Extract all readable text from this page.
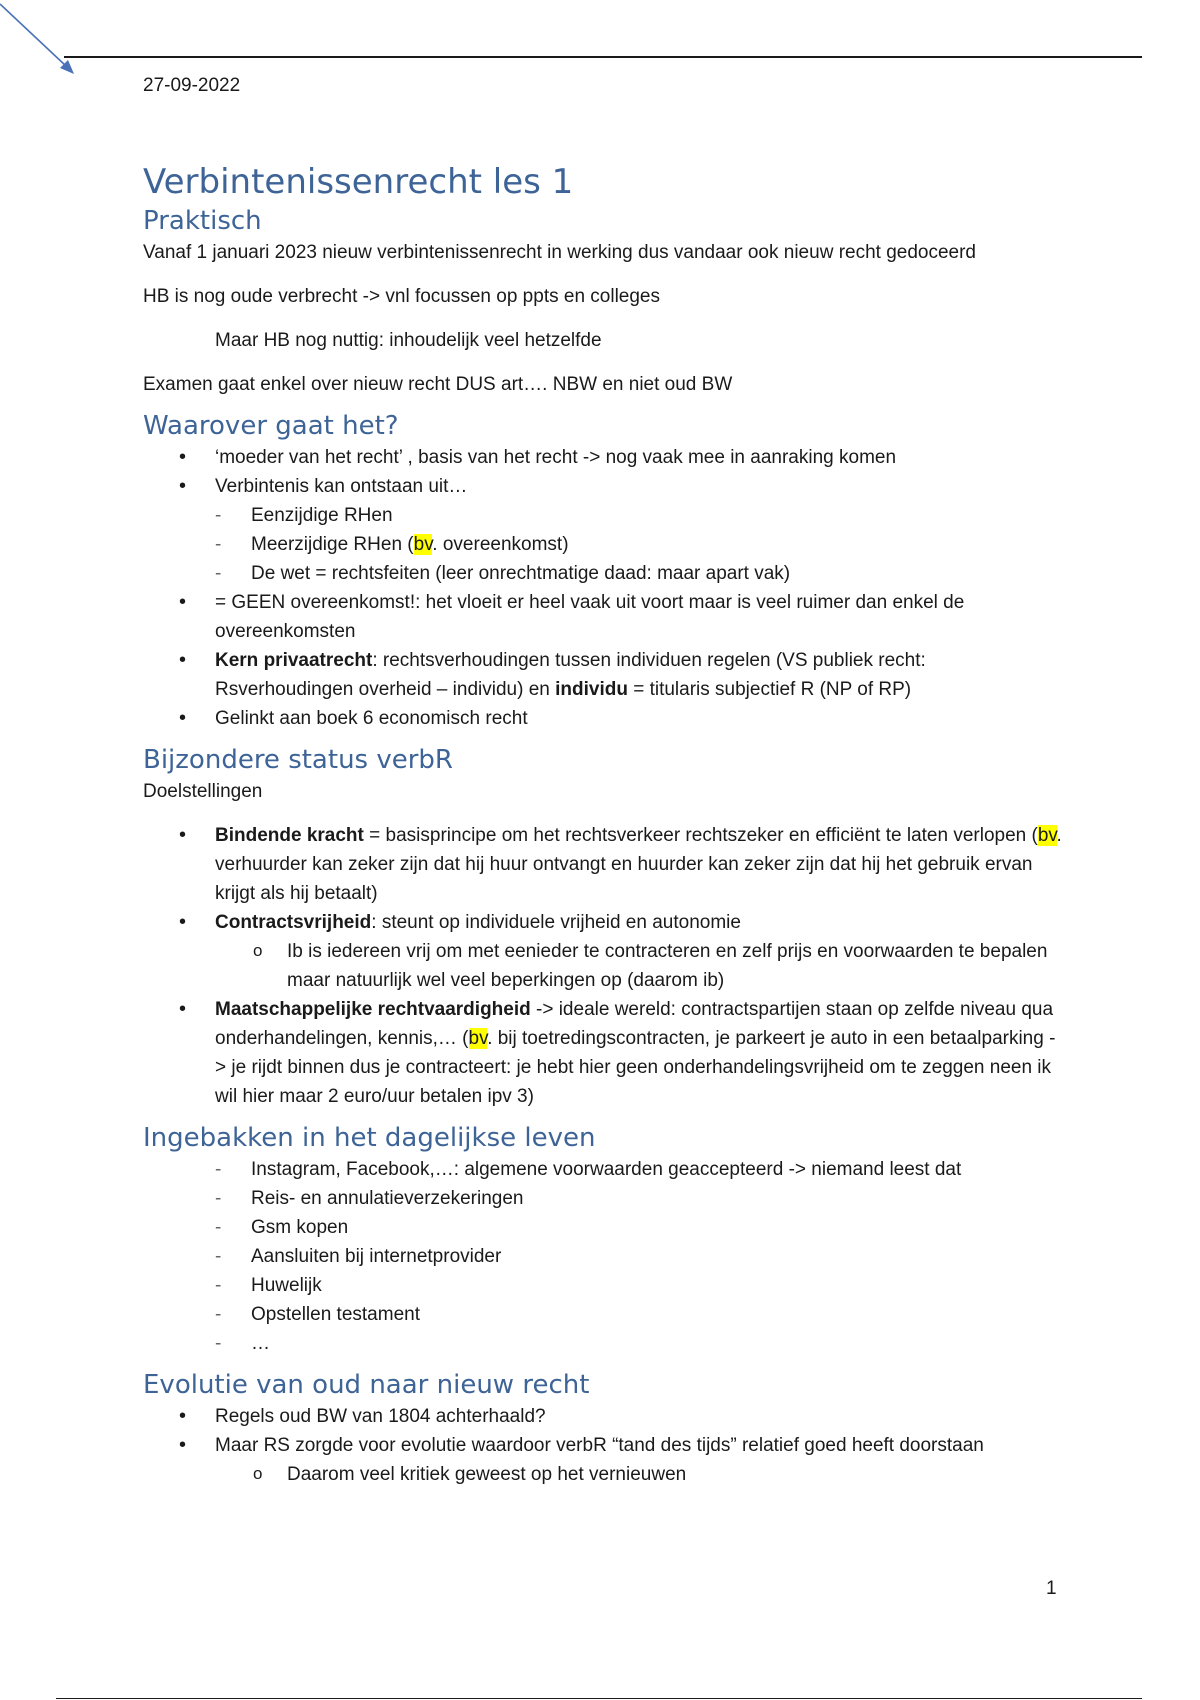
27-09-2022
Verbintenissenrecht les 1
Praktisch

Vanaf 1 januari 2023 nieuw verbintenissenrecht in werking dus vandaar ook nieuw recht gedoceerd

HB is nog oude verbrecht -> vnl focussen op ppts en colleges

Maar HB nog nuttig: inhoudelijk veel hetzelfde

Examen gaat enkel over nieuw recht DUS art…. NBW en niet oud BW

Waarover gaat het?
• ‘moeder van het recht’ , basis van het recht -> nog vaak mee in aanraking komen
• Verbintenis kan ontstaan uit…
- Eenzijdige RHen
- Meerzijdige RHen (bv. overeenkomst)
- De wet = rechtsfeiten (leer onrechtmatige daad: maar apart vak)
• = GEEN overeenkomst!: het vloeit er heel vaak uit voort maar is veel ruimer dan enkel de overeenkomsten
• Kern privaatrecht: rechtsverhoudingen tussen individuen regelen (VS publiek recht: Rsverhoudingen overheid – individu) en individu = titularis subjectief R (NP of RP)
• Gelinkt aan boek 6 economisch recht
Bijzondere status verbR

Doelstellingen

• Bindende kracht = basisprincipe om het rechtsverkeer rechtszeker en efficiënt te laten verlopen (bv. verhuurder kan zeker zijn dat hij huur ontvangt en huurder kan zeker zijn dat hij het gebruik ervan krijgt als hij betaalt)
• Contractsvrijheid: steunt op individuele vrijheid en autonomie
o Ib is iedereen vrij om met eenieder te contracteren en zelf prijs en voorwaarden te bepalen maar natuurlijk wel veel beperkingen op (daarom ib)
• Maatschappelijke rechtvaardigheid -> ideale wereld: contractspartijen staan op zelfde niveau qua onderhandelingen, kennis,… (bv. bij toetredingscontracten, je parkeert je auto in een betaalparking -> je rijdt binnen dus je contracteert: je hebt hier geen onderhandelingsvrijheid om te zeggen neen ik wil hier maar 2 euro/uur betalen ipv 3)
Ingebakken in het dagelijkse leven
- Instagram, Facebook,…: algemene voorwaarden geaccepteerd -> niemand leest dat
- Reis- en annulatieverzekeringen
- Gsm kopen
- Aansluiten bij internetprovider
- Huwelijk
- Opstellen testament
- …
Evolutie van oud naar nieuw recht
• Regels oud BW van 1804 achterhaald?
• Maar RS zorgde voor evolutie waardoor verbR “tand des tijds” relatief goed heeft doorstaan
o Daarom veel kritiek geweest op het vernieuwen
1
